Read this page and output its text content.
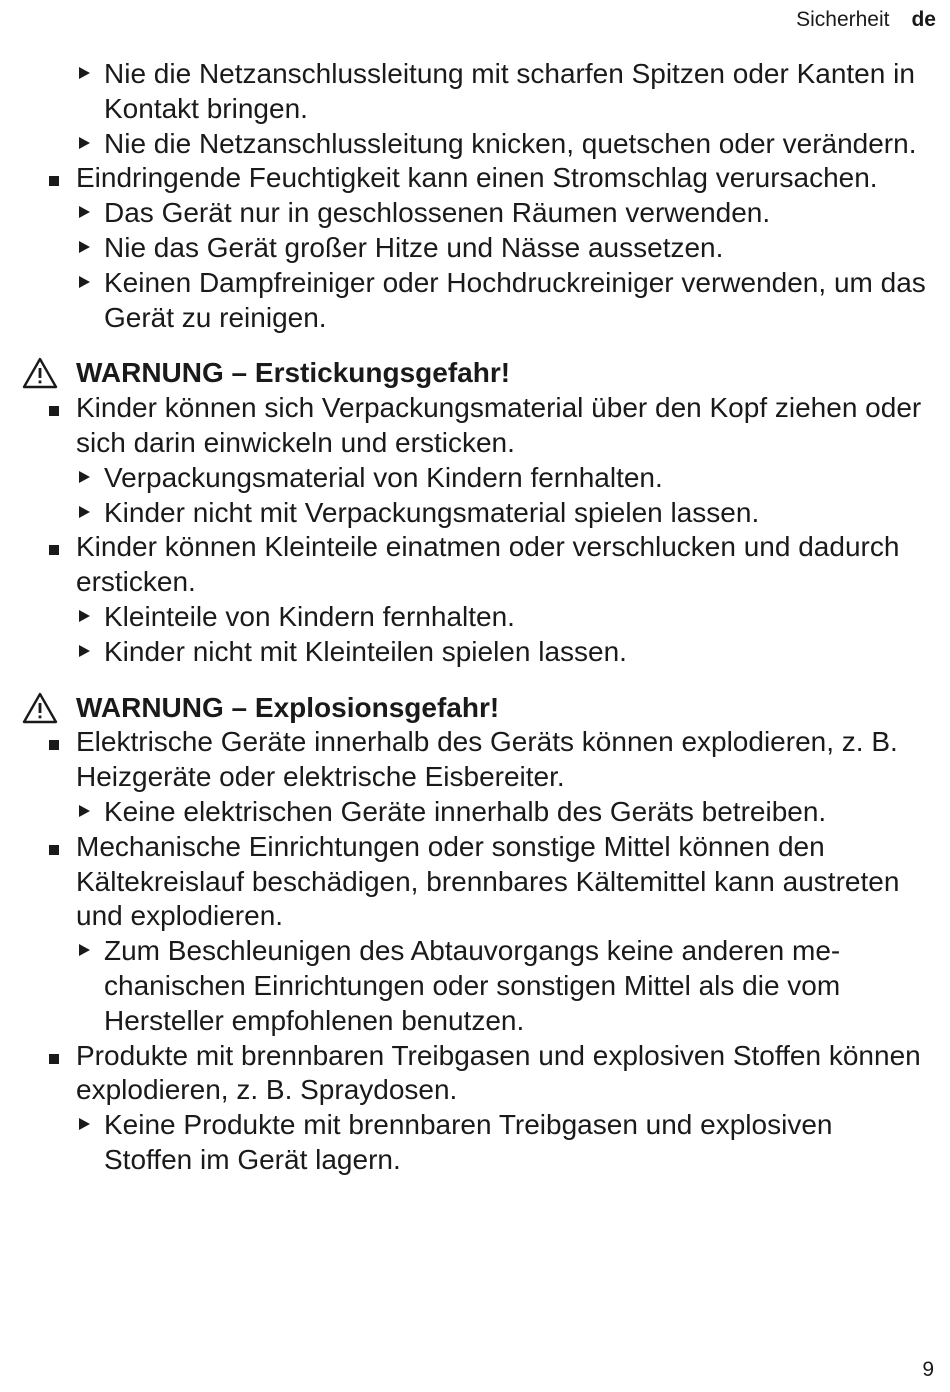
Sicherheit de
Nie die Netzanschlussleitung mit scharfen Spitzen oder Kanten in Kontakt bringen.
Nie die Netzanschlussleitung knicken, quetschen oder verändern.
Eindringende Feuchtigkeit kann einen Stromschlag verursachen.
Das Gerät nur in geschlossenen Räumen verwenden.
Nie das Gerät großer Hitze und Nässe aussetzen.
Keinen Dampfreiniger oder Hochdruckreiniger verwenden, um das Gerät zu reinigen.
WARNUNG – Erstickungsgefahr!
Kinder können sich Verpackungsmaterial über den Kopf ziehen oder sich darin einwickeln und ersticken.
Verpackungsmaterial von Kindern fernhalten.
Kinder nicht mit Verpackungsmaterial spielen lassen.
Kinder können Kleinteile einatmen oder verschlucken und dadurch ersticken.
Kleinteile von Kindern fernhalten.
Kinder nicht mit Kleinteilen spielen lassen.
WARNUNG – Explosionsgefahr!
Elektrische Geräte innerhalb des Geräts können explodieren, z. B. Heizgeräte oder elektrische Eisbereiter.
Keine elektrischen Geräte innerhalb des Geräts betreiben.
Mechanische Einrichtungen oder sonstige Mittel können den Kältekreislauf beschädigen, brennbares Kältemittel kann austreten und explodieren.
Zum Beschleunigen des Abtauvorgangs keine anderen mechanischen Einrichtungen oder sonstigen Mittel als die vom Hersteller empfohlenen benutzen.
Produkte mit brennbaren Treibgasen und explosiven Stoffen können explodieren, z. B. Spraydosen.
Keine Produkte mit brennbaren Treibgasen und explosiven Stoffen im Gerät lagern.
9
